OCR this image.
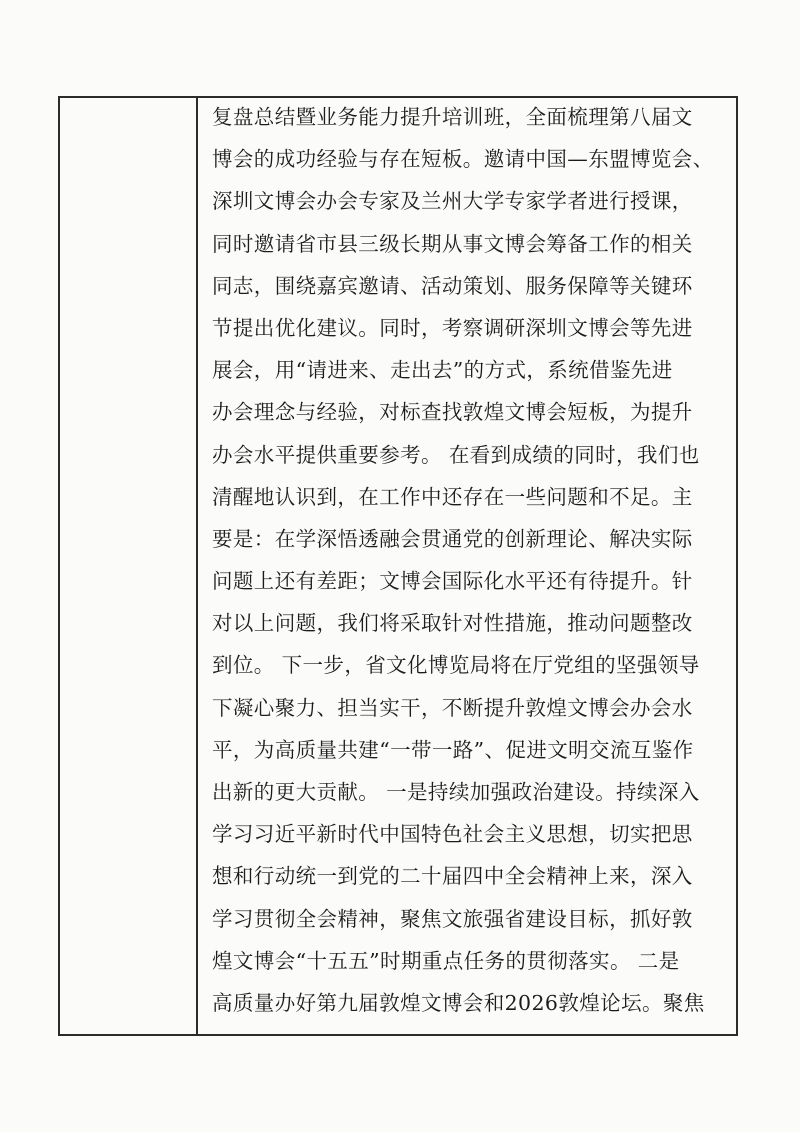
复盘总结暨业务能力提升培训班，全面梳理第八届文
博会的成功经验与存在短板。邀请中国—东盟博览会、
深圳文博会办会专家及兰州大学专家学者进行授课，
同时邀请省市县三级长期从事文博会筹备工作的相关
同志，围绕嘉宾邀请、活动策划、服务保障等关键环
节提出优化建议。同时，考察调研深圳文博会等先进
展会，用“请进来、走出去”的方式，系统借鉴先进
办会理念与经验，对标查找敦煌文博会短板，为提升
办会水平提供重要参考。 在看到成绩的同时，我们也
清醒地认识到，在工作中还存在一些问题和不足。主
要是：在学深悟透融会贯通党的创新理论、解决实际
问题上还有差距；文博会国际化水平还有待提升。针
对以上问题，我们将采取针对性措施，推动问题整改
到位。 下一步，省文化博览局将在厅党组的坚强领导
下凝心聚力、担当实干，不断提升敦煌文博会办会水
平，为高质量共建“一带一路”、促进文明交流互鉴作
出新的更大贡献。 一是持续加强政治建设。持续深入
学习习近平新时代中国特色社会主义思想，切实把思
想和行动统一到党的二十届四中全会精神上来，深入
学习贯彻全会精神，聚焦文旅强省建设目标，抓好敦
煌文博会“十五五”时期重点任务的贯彻落实。 二是
高质量办好第九届敦煌文博会和2026敦煌论坛。聚焦
